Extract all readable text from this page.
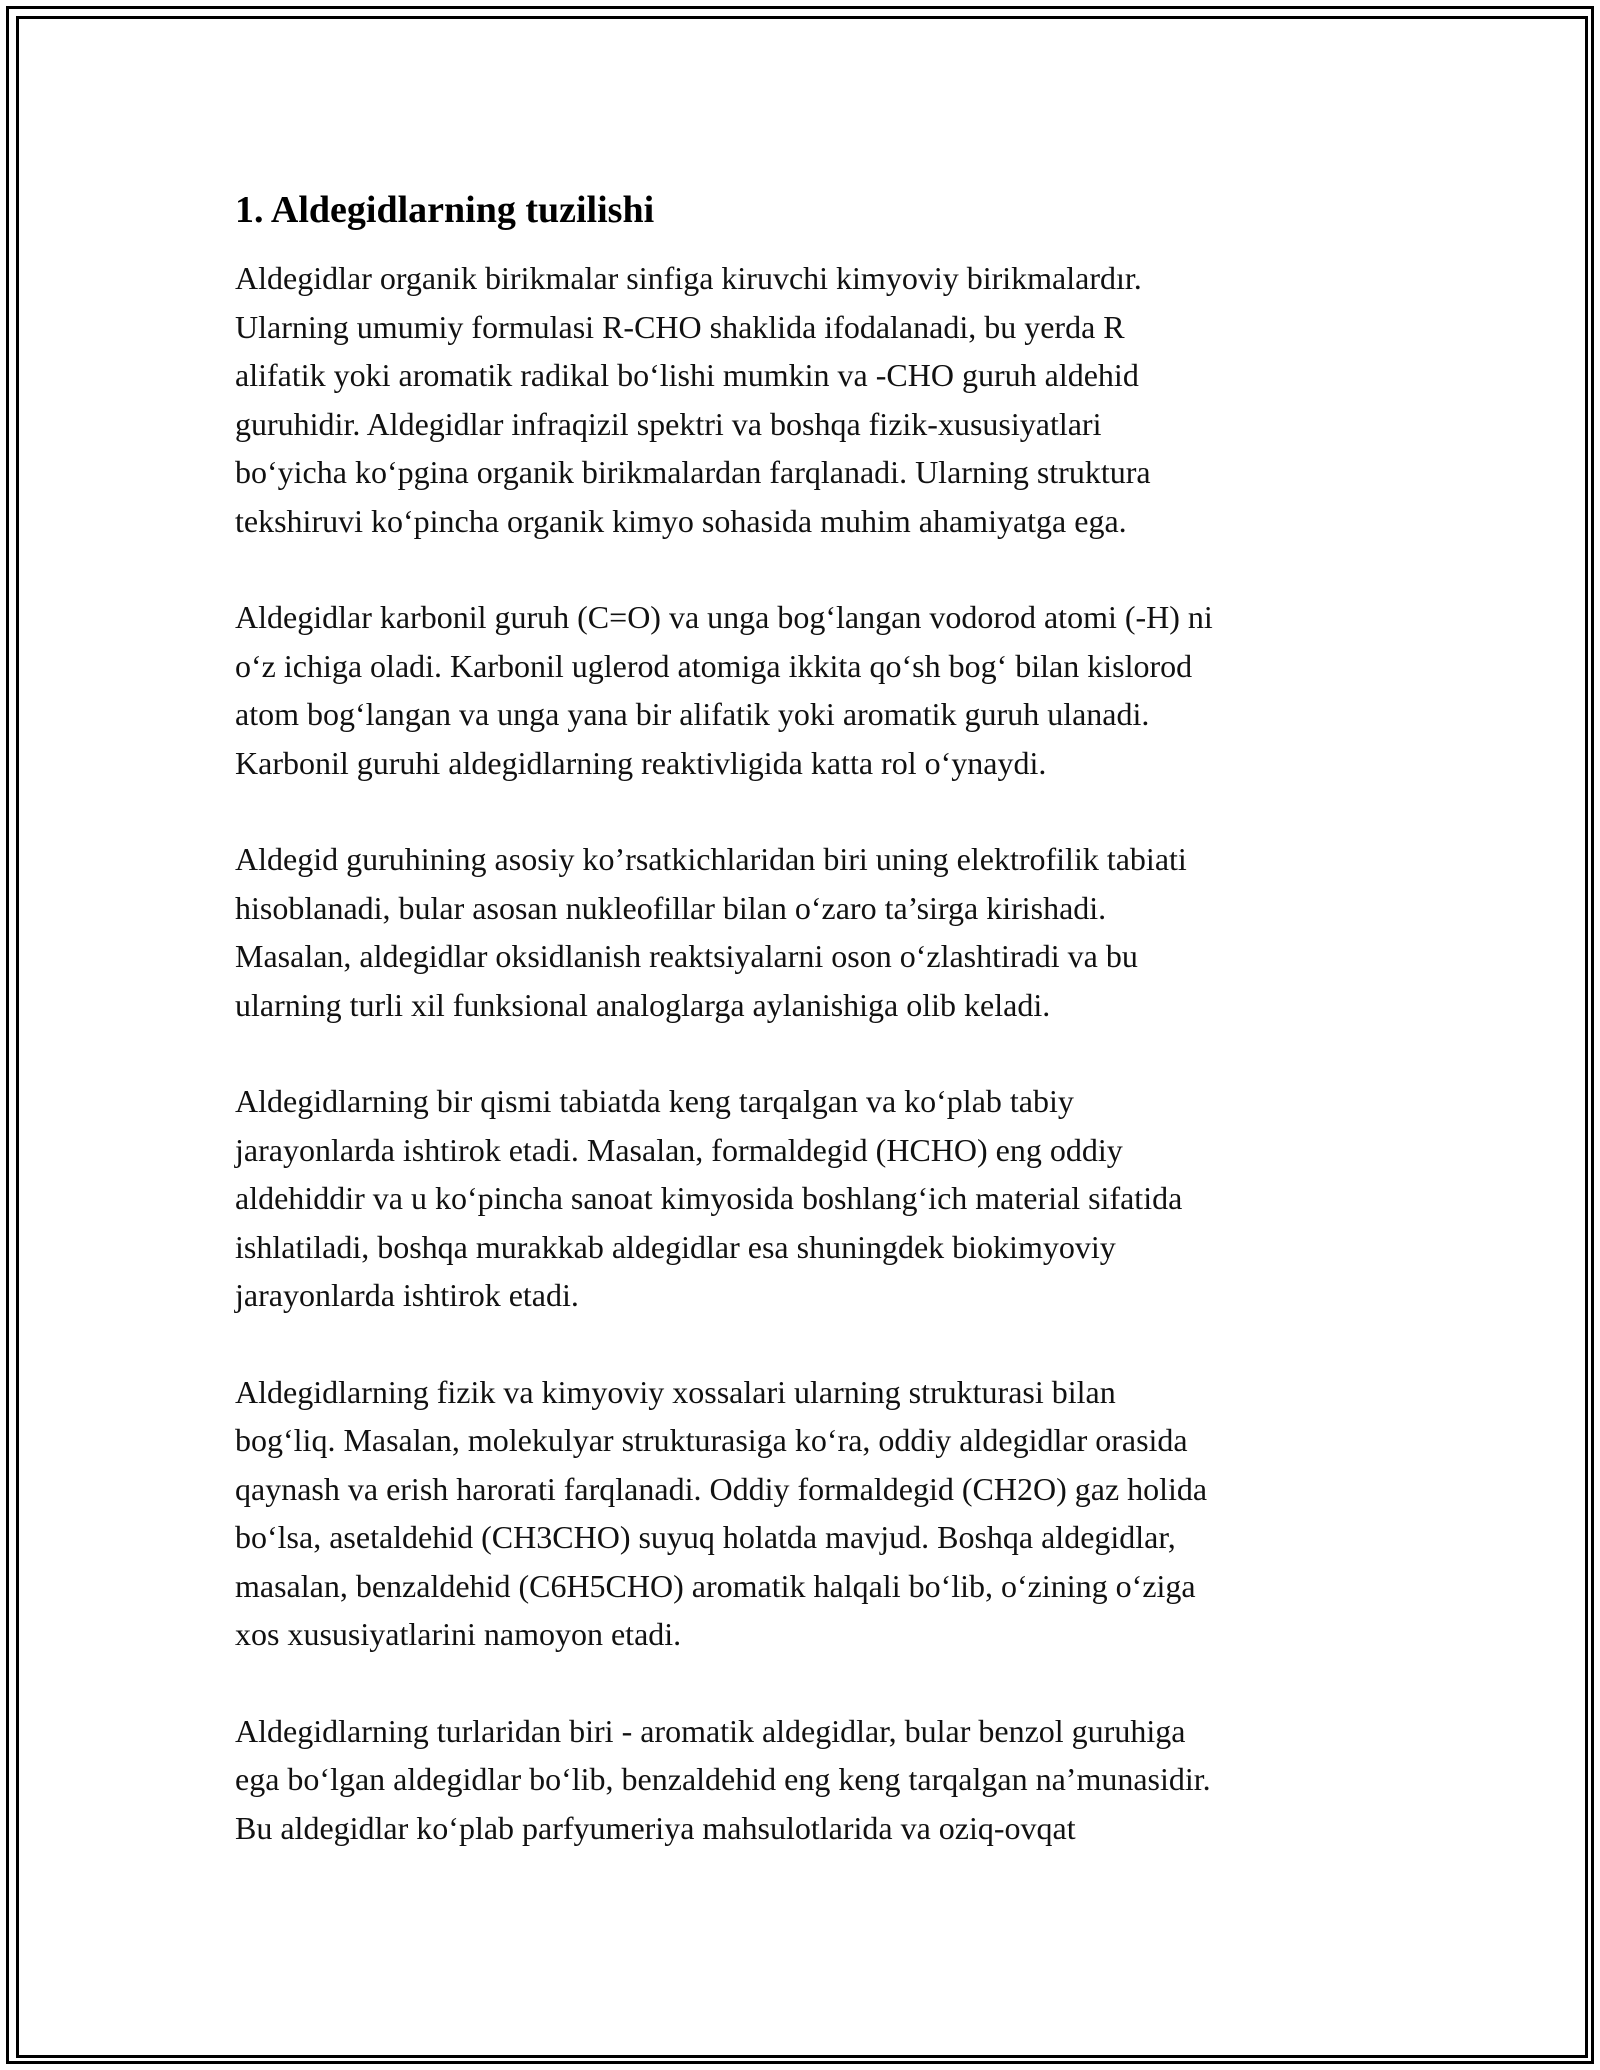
1. Aldegidlarning tuzilishi

Aldegidlar organik birikmalar sinfiga kiruvchi kimyoviy birikmalardır.
Ularning umumiy formulasi R-CHO shaklida ifodalanadi, bu yerda R
alifatik yoki aromatik radikal bo‘lishi mumkin va -CHO guruh aldehid
guruhidir. Aldegidlar infraqizil spektri va boshqa fizik-xususiyatlari
bo‘yicha ko‘pgina organik birikmalardan farqlanadi. Ularning struktura
tekshiruvi ko‘pincha organik kimyo sohasida muhim ahamiyatga ega.

Aldegidlar karbonil guruh (C=O) va unga bog‘langan vodorod atomi (-H) ni
o‘z ichiga oladi. Karbonil uglerod atomiga ikkita qo‘sh bog‘ bilan kislorod
atom bog‘langan va unga yana bir alifatik yoki aromatik guruh ulanadi.
Karbonil guruhi aldegidlarning reaktivligida katta rol o‘ynaydi.

Aldegid guruhining asosiy ko’rsatkichlaridan biri uning elektrofilik tabiati
hisoblanadi, bular asosan nukleofillar bilan o‘zaro ta’sirga kirishadi.
Masalan, aldegidlar oksidlanish reaktsiyalarni oson o‘zlashtiradi va bu
ularning turli xil funksional analoglarga aylanishiga olib keladi.

Aldegidlarning bir qismi tabiatda keng tarqalgan va ko‘plab tabiy
jarayonlarda ishtirok etadi. Masalan, formaldegid (HCHO) eng oddiy
aldehiddir va u ko‘pincha sanoat kimyosida boshlang‘ich material sifatida
ishlatiladi, boshqa murakkab aldegidlar esa shuningdek biokimyoviy
jarayonlarda ishtirok etadi.

Aldegidlarning fizik va kimyoviy xossalari ularning strukturasi bilan
bog‘liq. Masalan, molekulyar strukturasiga ko‘ra, oddiy aldegidlar orasida
qaynash va erish harorati farqlanadi. Oddiy formaldegid (CH2O) gaz holida
bo‘lsa, asetaldehid (CH3CHO) suyuq holatda mavjud. Boshqa aldegidlar,
masalan, benzaldehid (C6H5CHO) aromatik halqali bo‘lib, o‘zining o‘ziga
xos xususiyatlarini namoyon etadi.

Aldegidlarning turlaridan biri - aromatik aldegidlar, bular benzol guruhiga
ega bo‘lgan aldegidlar bo‘lib, benzaldehid eng keng tarqalgan na’munasidir.
Bu aldegidlar ko‘plab parfyumeriya mahsulotlarida va oziq-ovqat
